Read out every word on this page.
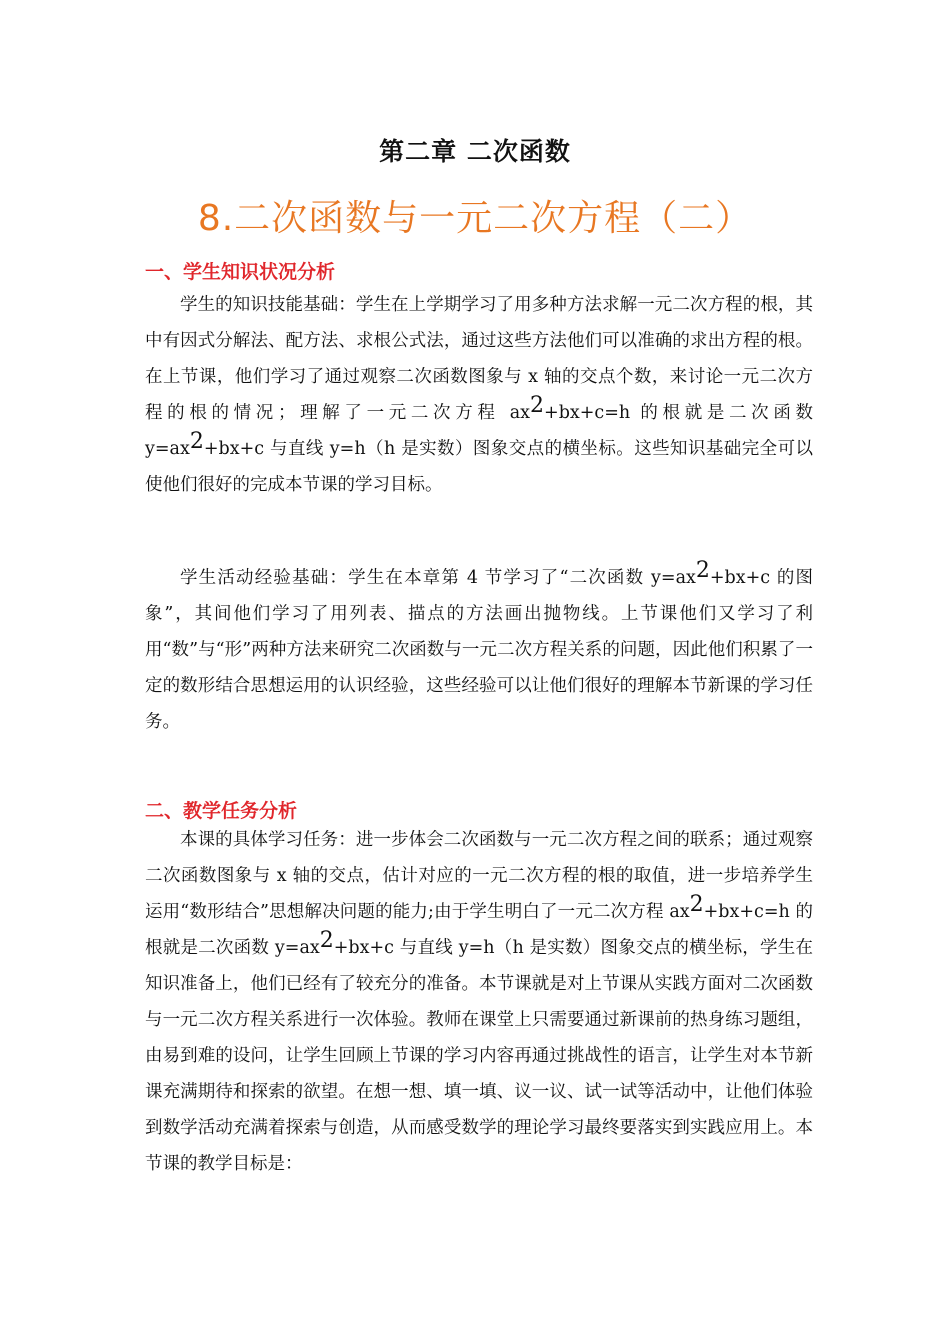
第二章 二次函数
8.二次函数与一元二次方程（二）
一、学生知识状况分析

学生的知识技能基础：学生在上学期学习了用多种方法求解一元二次方程的根，其中有因式分解法、配方法、求根公式法，通过这些方法他们可以准确的求出方程的根。在上节课，他们学习了通过观察二次函数图象与 x 轴的交点个数，来讨论一元二次方程的根的情况；理解了一元二次方程 ax2+bx+c=h 的根就是二次函数 y=ax2+bx+c 与直线 y=h（h 是实数）图象交点的横坐标。这些知识基础完全可以使他们很好的完成本节课的学习目标。

学生活动经验基础：学生在本章第 4 节学习了“二次函数 y=ax2+bx+c 的图象”，其间他们学习了用列表、描点的方法画出抛物线。上节课他们又学习了利用“数”与“形”两种方法来研究二次函数与一元二次方程关系的问题，因此他们积累了一定的数形结合思想运用的认识经验，这些经验可以让他们很好的理解本节新课的学习任务。

二、教学任务分析

本课的具体学习任务：进一步体会二次函数与一元二次方程之间的联系；通过观察二次函数图象与 x 轴的交点，估计对应的一元二次方程的根的取值，进一步培养学生运用“数形结合”思想解决问题的能力;由于学生明白了一元二次方程 ax2+bx+c=h 的根就是二次函数 y=ax2+bx+c 与直线 y=h（h 是实数）图象交点的横坐标，学生在知识准备上，他们已经有了较充分的准备。本节课就是对上节课从实践方面对二次函数与一元二次方程关系进行一次体验。教师在课堂上只需要通过新课前的热身练习题组，由易到难的设问，让学生回顾上节课的学习内容再通过挑战性的语言，让学生对本节新课充满期待和探索的欲望。在想一想、填一填、议一议、试一试等活动中，让他们体验到数学活动充满着探索与创造，从而感受数学的理论学习最终要落实到实践应用上。本节课的教学目标是：
